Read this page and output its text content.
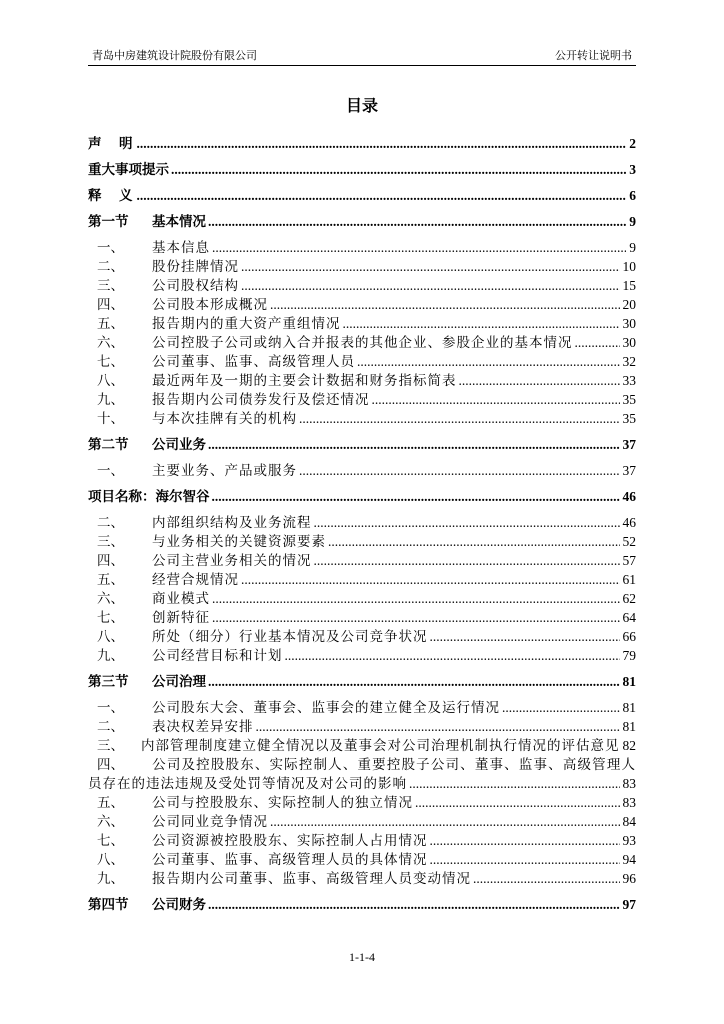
青岛中房建筑设计院股份有限公司	公开转让说明书
目录
声　明	2
重大事项提示	3
释　义	6
第一节 基本情况	9
一、 基本信息	9
二、 股份挂牌情况	10
三、 公司股权结构	15
四、 公司股本形成概况	20
五、 报告期内的重大资产重组情况	30
六、 公司控股子公司或纳入合并报表的其他企业、参股企业的基本情况	30
七、 公司董事、监事、高级管理人员	32
八、 最近两年及一期的主要会计数据和财务指标简表	33
九、 报告期内公司债券发行及偿还情况	35
十、 与本次挂牌有关的机构	35
第二节 公司业务	37
一、 主要业务、产品或服务	37
项目名称：海尔智谷	46
二、 内部组织结构及业务流程	46
三、 与业务相关的关键资源要素	52
四、 公司主营业务相关的情况	57
五、 经营合规情况	61
六、 商业模式	62
七、 创新特征	64
八、 所处（细分）行业基本情况及公司竞争状况	66
九、 公司经营目标和计划	79
第三节 公司治理	81
一、 公司股东大会、董事会、监事会的建立健全及运行情况	81
二、 表决权差异安排	81
三、 内部管理制度建立健全情况以及董事会对公司治理机制执行情况的评估意见 82
四、 公司及控股股东、实际控制人、重要控股子公司、董事、监事、高级管理人员存在的违法违规及受处罚等情况及对公司的影响	83
五、 公司与控股股东、实际控制人的独立情况	83
六、 公司同业竞争情况	84
七、 公司资源被控股股东、实际控制人占用情况	93
八、 公司董事、监事、高级管理人员的具体情况	94
九、 报告期内公司董事、监事、高级管理人员变动情况	96
第四节 公司财务	97
1-1-4
